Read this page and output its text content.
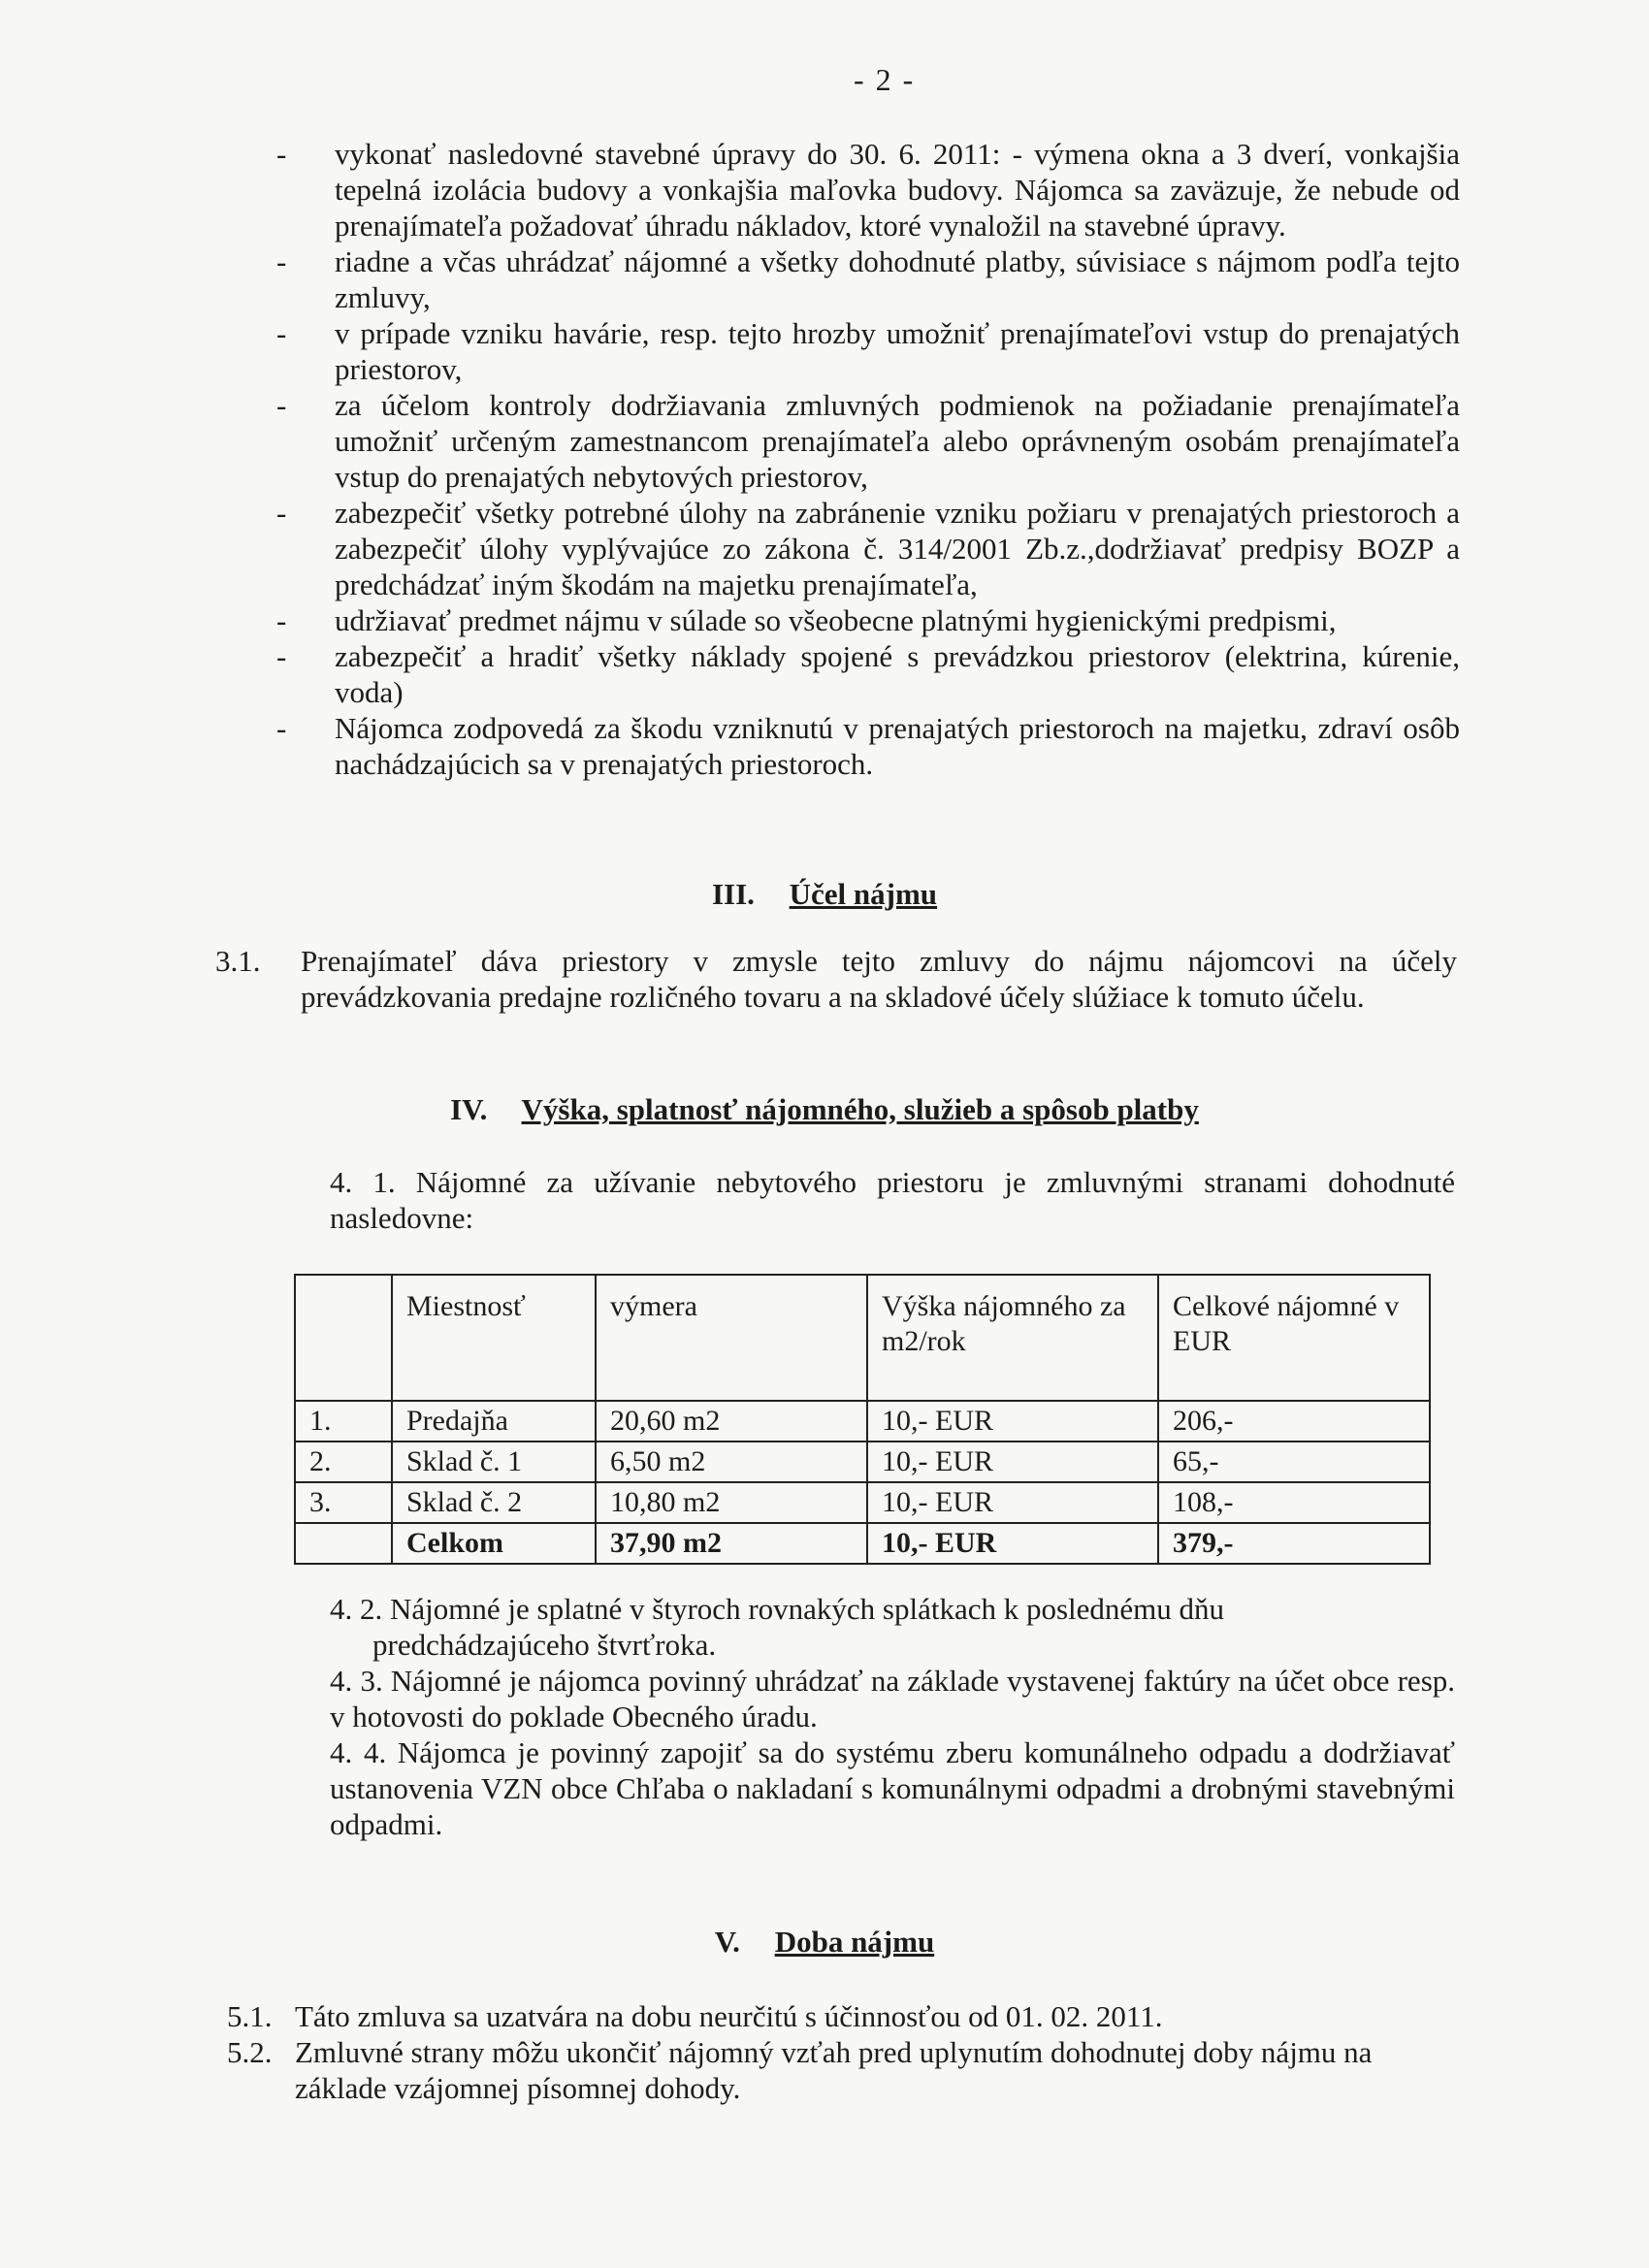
- 2 -
- vykonať nasledovné stavebné úpravy do 30. 6. 2011: - výmena okna a 3 dverí, vonkajšia tepelná izolácia budovy a vonkajšia maľovka budovy. Nájomca sa zaväzuje, že nebude od prenajímateľa požadovať úhradu nákladov, ktoré vynaložil na stavebné úpravy.
- riadne a včas uhrádzať nájomné a všetky dohodnuté platby, súvisiace s nájmom podľa tejto zmluvy,
- v prípade vzniku havárie, resp. tejto hrozby umožniť prenajímateľovi vstup do prenajatých priestorov,
- za účelom kontroly dodržiavania zmluvných podmienok na požiadanie prenajímateľa umožniť určeným zamestnancom prenajímateľa alebo oprávneným osobám prenajímateľa vstup do prenajatých nebytových priestorov,
- zabezpečiť všetky potrebné úlohy na zabránenie vzniku požiaru v prenajatých priestoroch a zabezpečiť úlohy vyplývajúce zo zákona č. 314/2001 Zb.z.,dodržiavať predpisy BOZP a predchádzať iným škodám na majetku prenajímateľa,
- udržiavať predmet nájmu v súlade so všeobecne platnými hygienickými predpismi,
- zabezpečiť a hradiť všetky náklady spojené s prevádzkou priestorov (elektrina, kúrenie, voda)
- Nájomca zodpovedá za škodu vzniknutú v prenajatých priestoroch na majetku, zdraví osôb nachádzajúcich sa v prenajatých priestoroch.
III. Účel nájmu
3.1. Prenajímateľ dáva priestory v zmysle tejto zmluvy do nájmu nájomcovi na účely prevádzkovania predajne rozličného tovaru a na skladové účely slúžiace k tomuto účelu.
IV. Výška, splatnosť nájomného, služieb a spôsob platby
4. 1. Nájomné za užívanie nebytového priestoru je zmluvnými stranami dohodnuté nasledovne:
	Miestnosť	výmera	Výška nájomného za m2/rok	Celkové nájomné v EUR
1.	Predajňa	20,60 m2	10,- EUR	206,-
2.	Sklad č. 1	6,50 m2	10,- EUR	65,-
3.	Sklad č. 2	10,80 m2	10,- EUR	108,-
	Celkom	37,90 m2	10,- EUR	379,-
4. 2. Nájomné je splatné v štyroch rovnakých splátkach k poslednému dňu
predchádzajúceho štvrťroka.
4. 3. Nájomné je nájomca povinný uhrádzať na základe vystavenej faktúry na účet obce resp. v hotovosti do poklade Obecného úradu.
4. 4. Nájomca je povinný zapojiť sa do systému zberu komunálneho odpadu a dodržiavať ustanovenia VZN obce Chľaba o nakladaní s komunálnymi odpadmi a drobnými stavebnými odpadmi.
V. Doba nájmu
5.1. Táto zmluva sa uzatvára na dobu neurčitú s účinnosťou od 01. 02. 2011.
5.2. Zmluvné strany môžu ukončiť nájomný vzťah pred uplynutím dohodnutej doby nájmu na základe vzájomnej písomnej dohody.
